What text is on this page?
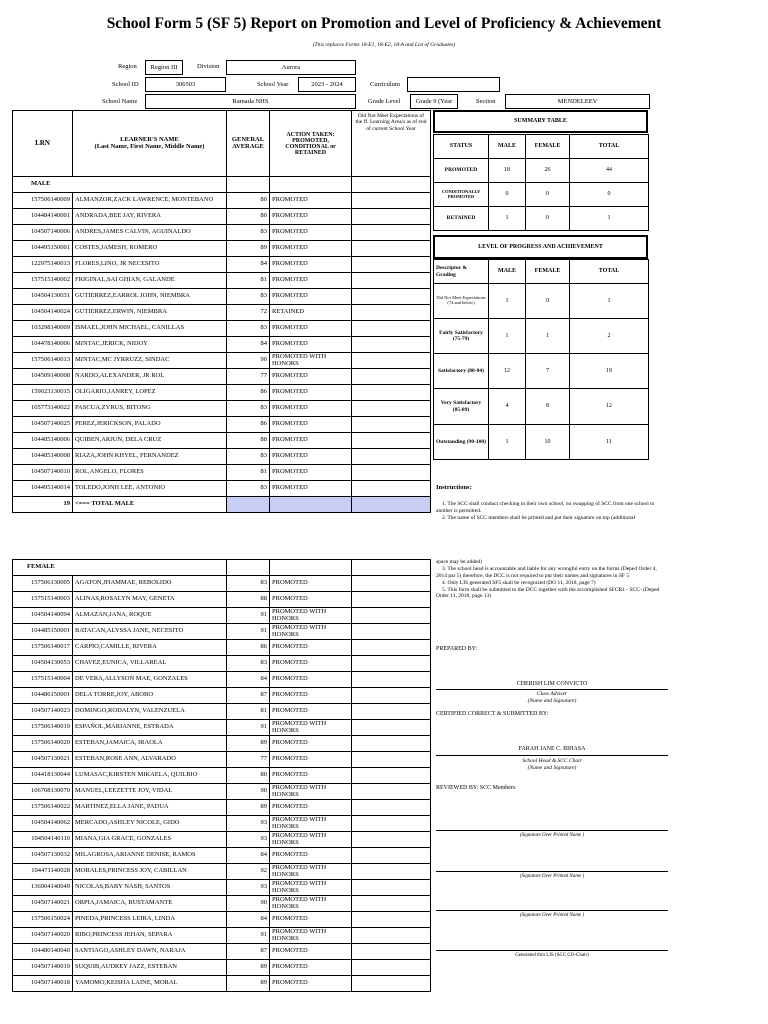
School Form 5 (SF 5) Report on Promotion and Level of Proficiency & Achievement
(This replaces Forms 18-E1, 18-E2, 18-A and List of Graduates)
Region	Region III	Division	Aurora
School ID	306503	School Year	2023 - 2024	Curriculum
School Name	Ramada NHS	Grade Level	Grade 9 (Year	Section	MENDELEEV
LRN	LEARNER'S NAME
(Last Name, First Name, Middle Name)	GENERAL AVERAGE	ACTION TAKEN: PROMOTED, CONDITIONAL or RETAINED	Did Not Meet Expectations of the ff. Learning Area/s as of end of current School Year
MALE				
157506140009	ALMANZOR,ZACK LAWRENCE, MONTEBANO	80	PROMOTED	
104484140001	ANDRADA,BEE JAY, RIVERA	80	PROMOTED	
104507140006	ANDRES,JAMES CALVIN, AGUINALDO	83	PROMOTED	
104495150001	COSTES,JAMESH, ROMERO	89	PROMOTED	
122975140013	FLORES,LINO, JR NECESITO	84	PROMOTED	
157515140002	FRIGINAL,SAI GHIAN, GALANDE	81	PROMOTED	
104504130031	GUTIERREZ,EARROL JOHN, NIEMBRA	83	PROMOTED	
104504140024	GUTIERREZ,ERWIN, NIEMBRA	72	RETAINED	
103298140009	ISMAEL,JOHN MICHAEL, CANILLAS	83	PROMOTED	
104478140006	MINTAC,JERICK, NIDOY	84	PROMOTED	
157506140013	MINTAC,MC JYRRUZZ, SINDAC	90	PROMOTED WITH HONORS	
104509140008	NARDO,ALEXANDER, JR ROL	77	PROMOTED	
159023130015	OLIGARIO,JANREY, LOPEZ	86	PROMOTED	
105773140022	PASCUA,ZYRUS, BITONG	83	PROMOTED	
104507140025	PEREZ,JERICKSON, PALADO	86	PROMOTED	
104485140006	QUIBEN,ARJUN, DELA CRUZ	88	PROMOTED	
104485140008	RIAZA,JOHN KHYEL, FERNANDEZ	83	PROMOTED	
104507140010	ROL,ANGELO, FLORES	81	PROMOTED	
104495140014	TOLEDO,JONH LEE, ANTONIO	83	PROMOTED	
19	<=== TOTAL MALE			
FEMALE				
157506130005	AGATON,JHAMMAE, REBOLIDO	83	PROMOTED	
157515140003	ALINAS,ROSALYN MAY, GENETA	88	PROMOTED	
104504140094	ALMAZAN,JANA, ROQUE	91	PROMOTED WITH HONORS	
104485150001	BATACAN,ALYSSA JANE, NECESITO	91	PROMOTED WITH HONORS	
157506140017	CARPIO,CAMILLE, RIVERA	86	PROMOTED	
104504130053	CHAVEZ,EUNICA, VILLAREAL	83	PROMOTED	
157515140004	DE VERA,ALLYSON MAE, GONZALES	84	PROMOTED	
104486150001	DELA TORRE,JOY, ABOBO	87	PROMOTED	
104507140023	DOMINGO,RODALYN, VALENZUELA	81	PROMOTED	
157506140019	ESPAÑOL,MARIANNE, ESTRADA	91	PROMOTED WITH HONORS	
157506140020	ESTEBAN,JAMAICA, IRAOLA	89	PROMOTED	
104507130021	ESTEBAN,ROSE ANN, ALVARADO	77	PROMOTED	
104418130044	LUMASAC,KIRSTEN MIKAELA, QUILBIO	80	PROMOTED	
106708130070	MANUEL,LEEZETTE JOY, VIDAL	90	PROMOTED WITH HONORS	
157506140022	MARTINEZ,ELLA JANE, PADUA	89	PROMOTED	
104504140062	MERCADO,ASHLEY NICOLE, GIDO	93	PROMOTED WITH HONORS	
104504140110	MIANA,GIA GRACE, GONZALES	93	PROMOTED WITH HONORS	
104507130032	MILAGROSA,ARIANNE DENISE, RAMOS	84	PROMOTED	
104471140028	MORALES,PRINCESS JOY, CABILLAN	92	PROMOTED WITH HONORS	
136904140049	NICOLAS,BABY NASH, SANTOS	93	PROMOTED WITH HONORS	
104507140021	ORPIA,JAMAICA, BUSTAMANTE	90	PROMOTED WITH HONORS	
157506150024	PINEDA,PRINCESS LEIRA, LINDA	84	PROMOTED	
104507140020	RIBO,PRINCESS JEHAN, SEPARA	91	PROMOTED WITH HONORS	
104480140040	SANTIAGO,ASHLEY DAWN, NARAJA	87	PROMOTED	
104507140019	SUQUIB,AUDREY JAZZ, ESTEBAN	89	PROMOTED	
104507140018	YAMOMO,KEISHA LAINE, MORAL	89	PROMOTED	
SUMMARY TABLE
STATUS	MALE	FEMALE	TOTAL
PROMOTED	18	26	44
CONDITIONALLY PROMOTED	0	0	0
RETAINED	1	0	1
LEVEL OF PROGRESS AND ACHIEVEMENT
Descriptor & Grading	MALE	FEMALE	TOTAL
Did Not Meet Expectations (74 and below)	1	0	1
Fairly Satisfactory (75-79)	1	1	2
Satisfactory (80-84)	12	7	19
Very Satisfactory (85-89)	4	8	12
Outstanding (90-100)	1	10	11
Instructions:
1. The SCC shall conduct checking in their own school, no swapping of SCC from one school to another is permitted.
2. The name of SCC members shall be printed and put their signature on top (additional
space may be added)
3. The school head is accountable and liable for any wrongful entry on the forms (Deped Order 4, 2014 par 5) therefore, the DCC is not required to put their names and signatures in SF 5
4. Only LIS generated SF5 shall be recognized (DO 11, 2018, page 7)
5. This form shall be submitted to the DCC together with the accomplished SFCR1 - SCC- (Deped Order 11, 2018, page 13)
PREPARED BY:
CHERISH LIM CONVICTO
Class Adviser
(Name and Signature)
CERTIFIED CORRECT & SUBMITTED BY:
FARAH JANE C. BIHASA
School Head & SCC Chair
(Name and Signature)
REVIEWED BY: SCC Members
(Signature Over Printed Name )
(Signature Over Printed Name )
(Signature Over Printed Name )
Generated thru LIS (SCC CO-Chair)
